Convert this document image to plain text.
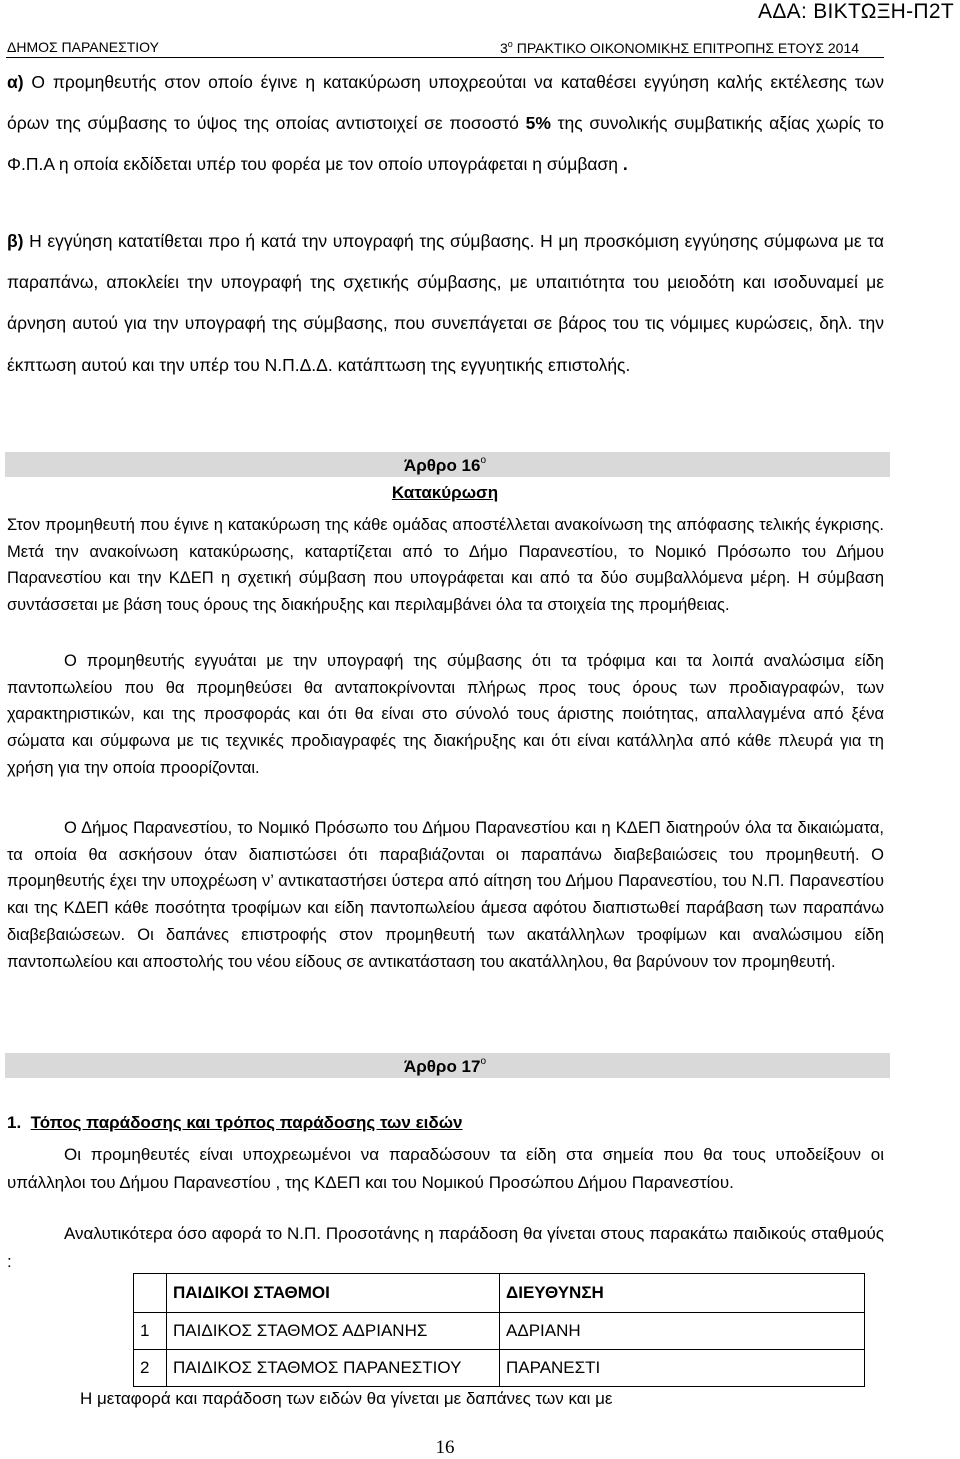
ΑΔΑ: ΒΙΚΤΩΞΗ-Π2Τ
ΔΗΜΟΣ ΠΑΡΑΝΕΣΤΙΟΥ	$3^o$ ΠΡΑΚΤΙΚΟ ΟΙΚΟΝΟΜΙΚΗΣ ΕΠΙΤΡΟΠΗΣ ΕΤΟΥΣ 2014

α) Ο προμηθευτής στον οποίο έγινε η κατακύρωση υποχρεούται να καταθέσει εγγύηση καλής εκτέλεσης των όρων της σύμβασης το ύψος της οποίας αντιστοιχεί σε ποσοστό 5% της συνολικής συμβατικής αξίας χωρίς το Φ.Π.Α η οποία εκδίδεται υπέρ του φορέα με τον οποίο υπογράφεται η σύμβαση .

β) Η εγγύηση κατατίθεται προ ή κατά την υπογραφή της σύμβασης. Η μη προσκόμιση εγγύησης σύμφωνα με τα παραπάνω, αποκλείει την υπογραφή της σχετικής σύμβασης, με υπαιτιότητα του μειοδότη και ισοδυναμεί με άρνηση αυτού για την υπογραφή της σύμβασης, που συνεπάγεται σε βάρος του τις νόμιμες κυρώσεις, δηλ. την έκπτωση αυτού και την υπέρ του Ν.Π.Δ.Δ. κατάπτωση της εγγυητικής επιστολής.

Άρθρο $16^o$
Κατακύρωση

Στον προμηθευτή που έγινε η κατακύρωση της κάθε ομάδας αποστέλλεται ανακοίνωση της απόφασης τελικής έγκρισης. Μετά την ανακοίνωση κατακύρωσης, καταρτίζεται από το Δήμο Παρανεστίου, το Νομικό Πρόσωπο του Δήμου Παρανεστίου και την ΚΔΕΠ η σχετική σύμβαση που υπογράφεται και από τα δύο συμβαλλόμενα μέρη. Η σύμβαση συντάσσεται με βάση τους όρους της διακήρυξης και περιλαμβάνει όλα τα στοιχεία της προμήθειας.

Ο προμηθευτής εγγυάται με την υπογραφή της σύμβασης ότι τα τρόφιμα και τα λοιπά αναλώσιμα είδη παντοπωλείου που θα προμηθεύσει θα ανταποκρίνονται πλήρως προς τους όρους των προδιαγραφών, των χαρακτηριστικών, και της προσφοράς και ότι θα είναι στο σύνολό τους άριστης ποιότητας, απαλλαγμένα από ξένα σώματα και σύμφωνα με τις τεχνικές προδιαγραφές της διακήρυξης και ότι είναι κατάλληλα από κάθε πλευρά για τη χρήση για την οποία προορίζονται.

Ο Δήμος Παρανεστίου, το Νομικό Πρόσωπο του Δήμου Παρανεστίου και η ΚΔΕΠ διατηρούν όλα τα δικαιώματα, τα οποία θα ασκήσουν όταν διαπιστώσει ότι παραβιάζονται οι παραπάνω διαβεβαιώσεις του προμηθευτή. Ο προμηθευτής έχει την υποχρέωση ν’ αντικαταστήσει ύστερα από αίτηση του Δήμου Παρανεστίου, του Ν.Π. Παρανεστίου και της ΚΔΕΠ κάθε ποσότητα τροφίμων και είδη παντοπωλείου άμεσα αφότου διαπιστωθεί παράβαση των παραπάνω διαβεβαιώσεων. Οι δαπάνες επιστροφής στον προμηθευτή των ακατάλληλων τροφίμων και αναλώσιμου είδη παντοπωλείου και αποστολής του νέου είδους σε αντικατάσταση του ακατάλληλου, θα βαρύνουν τον προμηθευτή.

Άρθρο $17^o$
1. Τόπος παράδοσης και τρόπος παράδοσης των ειδών

Οι προμηθευτές είναι υποχρεωμένοι να παραδώσουν τα είδη στα σημεία που θα τους υποδείξουν οι υπάλληλοι του Δήμου Παρανεστίου , της ΚΔΕΠ και του Νομικού Προσώπου Δήμου Παρανεστίου.

Αναλυτικότερα όσο αφορά το Ν.Π. Προσοτάνης η παράδοση θα γίνεται στους παρακάτω παιδικούς σταθμούς :

	ΠΑΙΔΙΚΟΙ ΣΤΑΘΜΟΙ	ΔΙΕΥΘΥΝΣΗ
1	ΠΑΙΔΙΚΟΣ ΣΤΑΘΜΟΣ ΑΔΡΙΑΝΗΣ	ΑΔΡΙΑΝΗ
2	ΠΑΙΔΙΚΟΣ ΣΤΑΘΜΟΣ ΠΑΡΑΝΕΣΤΙΟΥ	ΠΑΡΑΝΕΣΤΙ
Η μεταφορά και παράδοση των ειδών θα γίνεται με δαπάνες των και με
16
